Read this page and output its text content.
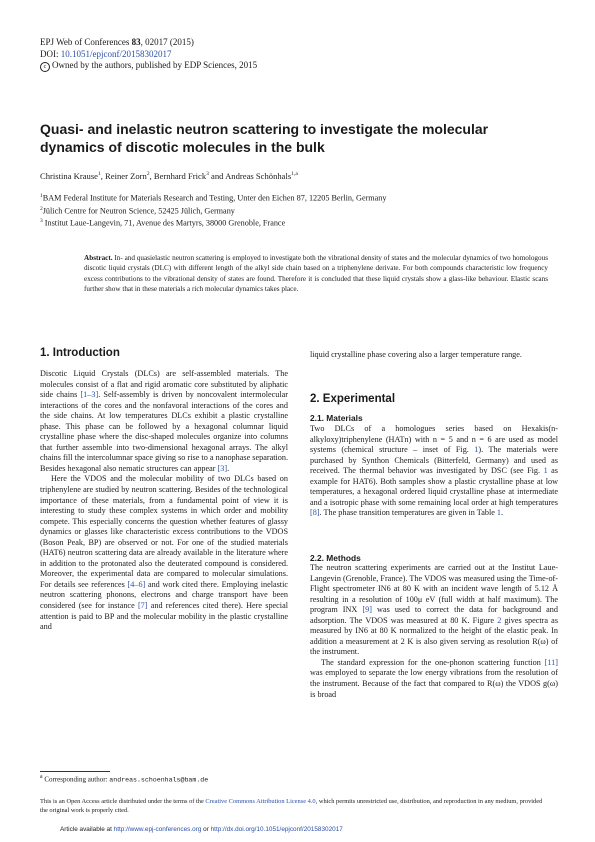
EPJ Web of Conferences 83, 02017 (2015)
DOI: 10.1051/epjconf/20158302017
c Owned by the authors, published by EDP Sciences, 2015
Quasi- and inelastic neutron scattering to investigate the molecular dynamics of discotic molecules in the bulk
Christina Krause$^1$, Reiner Zorn$^2$, Bernhard Frick$^3$ and Andreas Schönhals$^{1,a}$
$^1$BAM Federal Institute for Materials Research and Testing, Unter den Eichen 87, 12205 Berlin, Germany
$^2$Jülich Centre for Neutron Science, 52425 Jülich, Germany
$^3$ Institut Laue-Langevin, 71, Avenue des Martyrs, 38000 Grenoble, France
Abstract. In- and quasielastic neutron scattering is employed to investigate both the vibrational density of states and the molecular dynamics of two homologous discotic liquid crystals (DLC) with different length of the alkyl side chain based on a triphenylene derivate. For both compounds characteristic low frequency excess contributions to the vibrational density of states are found. Therefore it is concluded that these liquid crystals show a glass-like behaviour. Elastic scans further show that in these materials a rich molecular dynamics takes place.
1. Introduction

Discotic Liquid Crystals (DLCs) are self-assembled materials. The molecules consist of a flat and rigid aromatic core substituted by aliphatic side chains [1–3]. Self-assembly is driven by noncovalent intermolecular interactions of the cores and the nonfavoral interactions of the cores and the side chains. At low temperatures DLCs exhibit a plastic crystalline phase. This phase can be followed by a hexagonal columnar liquid crystalline phase where the disc-shaped molecules organize into columns that further assemble into two-dimensional hexagonal arrays. The alkyl chains fill the intercolumnar space giving so rise to a nanophase separation. Besides hexagonal also nematic structures can appear [3].

Here the VDOS and the molecular mobility of two DLCs based on triphenylene are studied by neutron scattering. Besides of the technological importance of these materials, from a fundamental point of view it is interesting to study these complex systems in which order and mobility compete. This especially concerns the question whether features of glassy dynamics or glasses like characteristic excess contributions to the VDOS (Boson Peak, BP) are observed or not. For one of the studied materials (HAT6) neutron scattering data are already available in the literature where in addition to the protonated also the deuterated compound is considered. Moreover, the experimental data are compared to molecular simulations. For details see references [4–6] and work cited there. Employing inelastic neutron scattering phonons, electrons and charge transport have been considered (see for instance [7] and references cited there). Here special attention is paid to BP and the molecular mobility in the plastic crystalline and

liquid crystalline phase covering also a larger temperature range.

2. Experimental
2.1. Materials

Two DLCs of a homologues series based on Hexakis(n-alkyloxy)triphenylene (HATn) with n = 5 and n = 6 are used as model systems (chemical structure – inset of Fig. 1). The materials were purchased by Synthon Chemicals (Bitterfeld, Germany) and used as received. The thermal behavior was investigated by DSC (see Fig. 1 as example for HAT6). Both samples show a plastic crystalline phase at low temperatures, a hexagonal ordered liquid crystalline phase at intermediate and a isotropic phase with some remaining local order at high temperatures [8]. The phase transition temperatures are given in Table 1.

2.2. Methods

The neutron scattering experiments are carried out at the Institut Laue-Langevin (Grenoble, France). The VDOS was measured using the Time-of-Flight spectrometer IN6 at 80 K with an incident wave length of 5.12 Å resulting in a resolution of 100μ eV (full width at half maximum). The program INX [9] was used to correct the data for background and adsorption. The VDOS was measured at 80 K. Figure 2 gives spectra as measured by IN6 at 80 K normalized to the height of the elastic peak. In addition a measurement at 2 K is also given serving as resolution R(ω) of the instrument.

The standard expression for the one-phonon scattering function [11] was employed to separate the low energy vibrations from the resolution of the instrument. Because of the fact that compared to R(ω) the VDOS g(ω) is broad

$^a$ Corresponding author: andreas.schoenhals@bam.de
This is an Open Access article distributed under the terms of the Creative Commons Attribution License 4.0, which permits unrestricted use, distribution, and reproduction in any medium, provided the original work is properly cited.
Article available at http://www.epj-conferences.org or http://dx.doi.org/10.1051/epjconf/20158302017
